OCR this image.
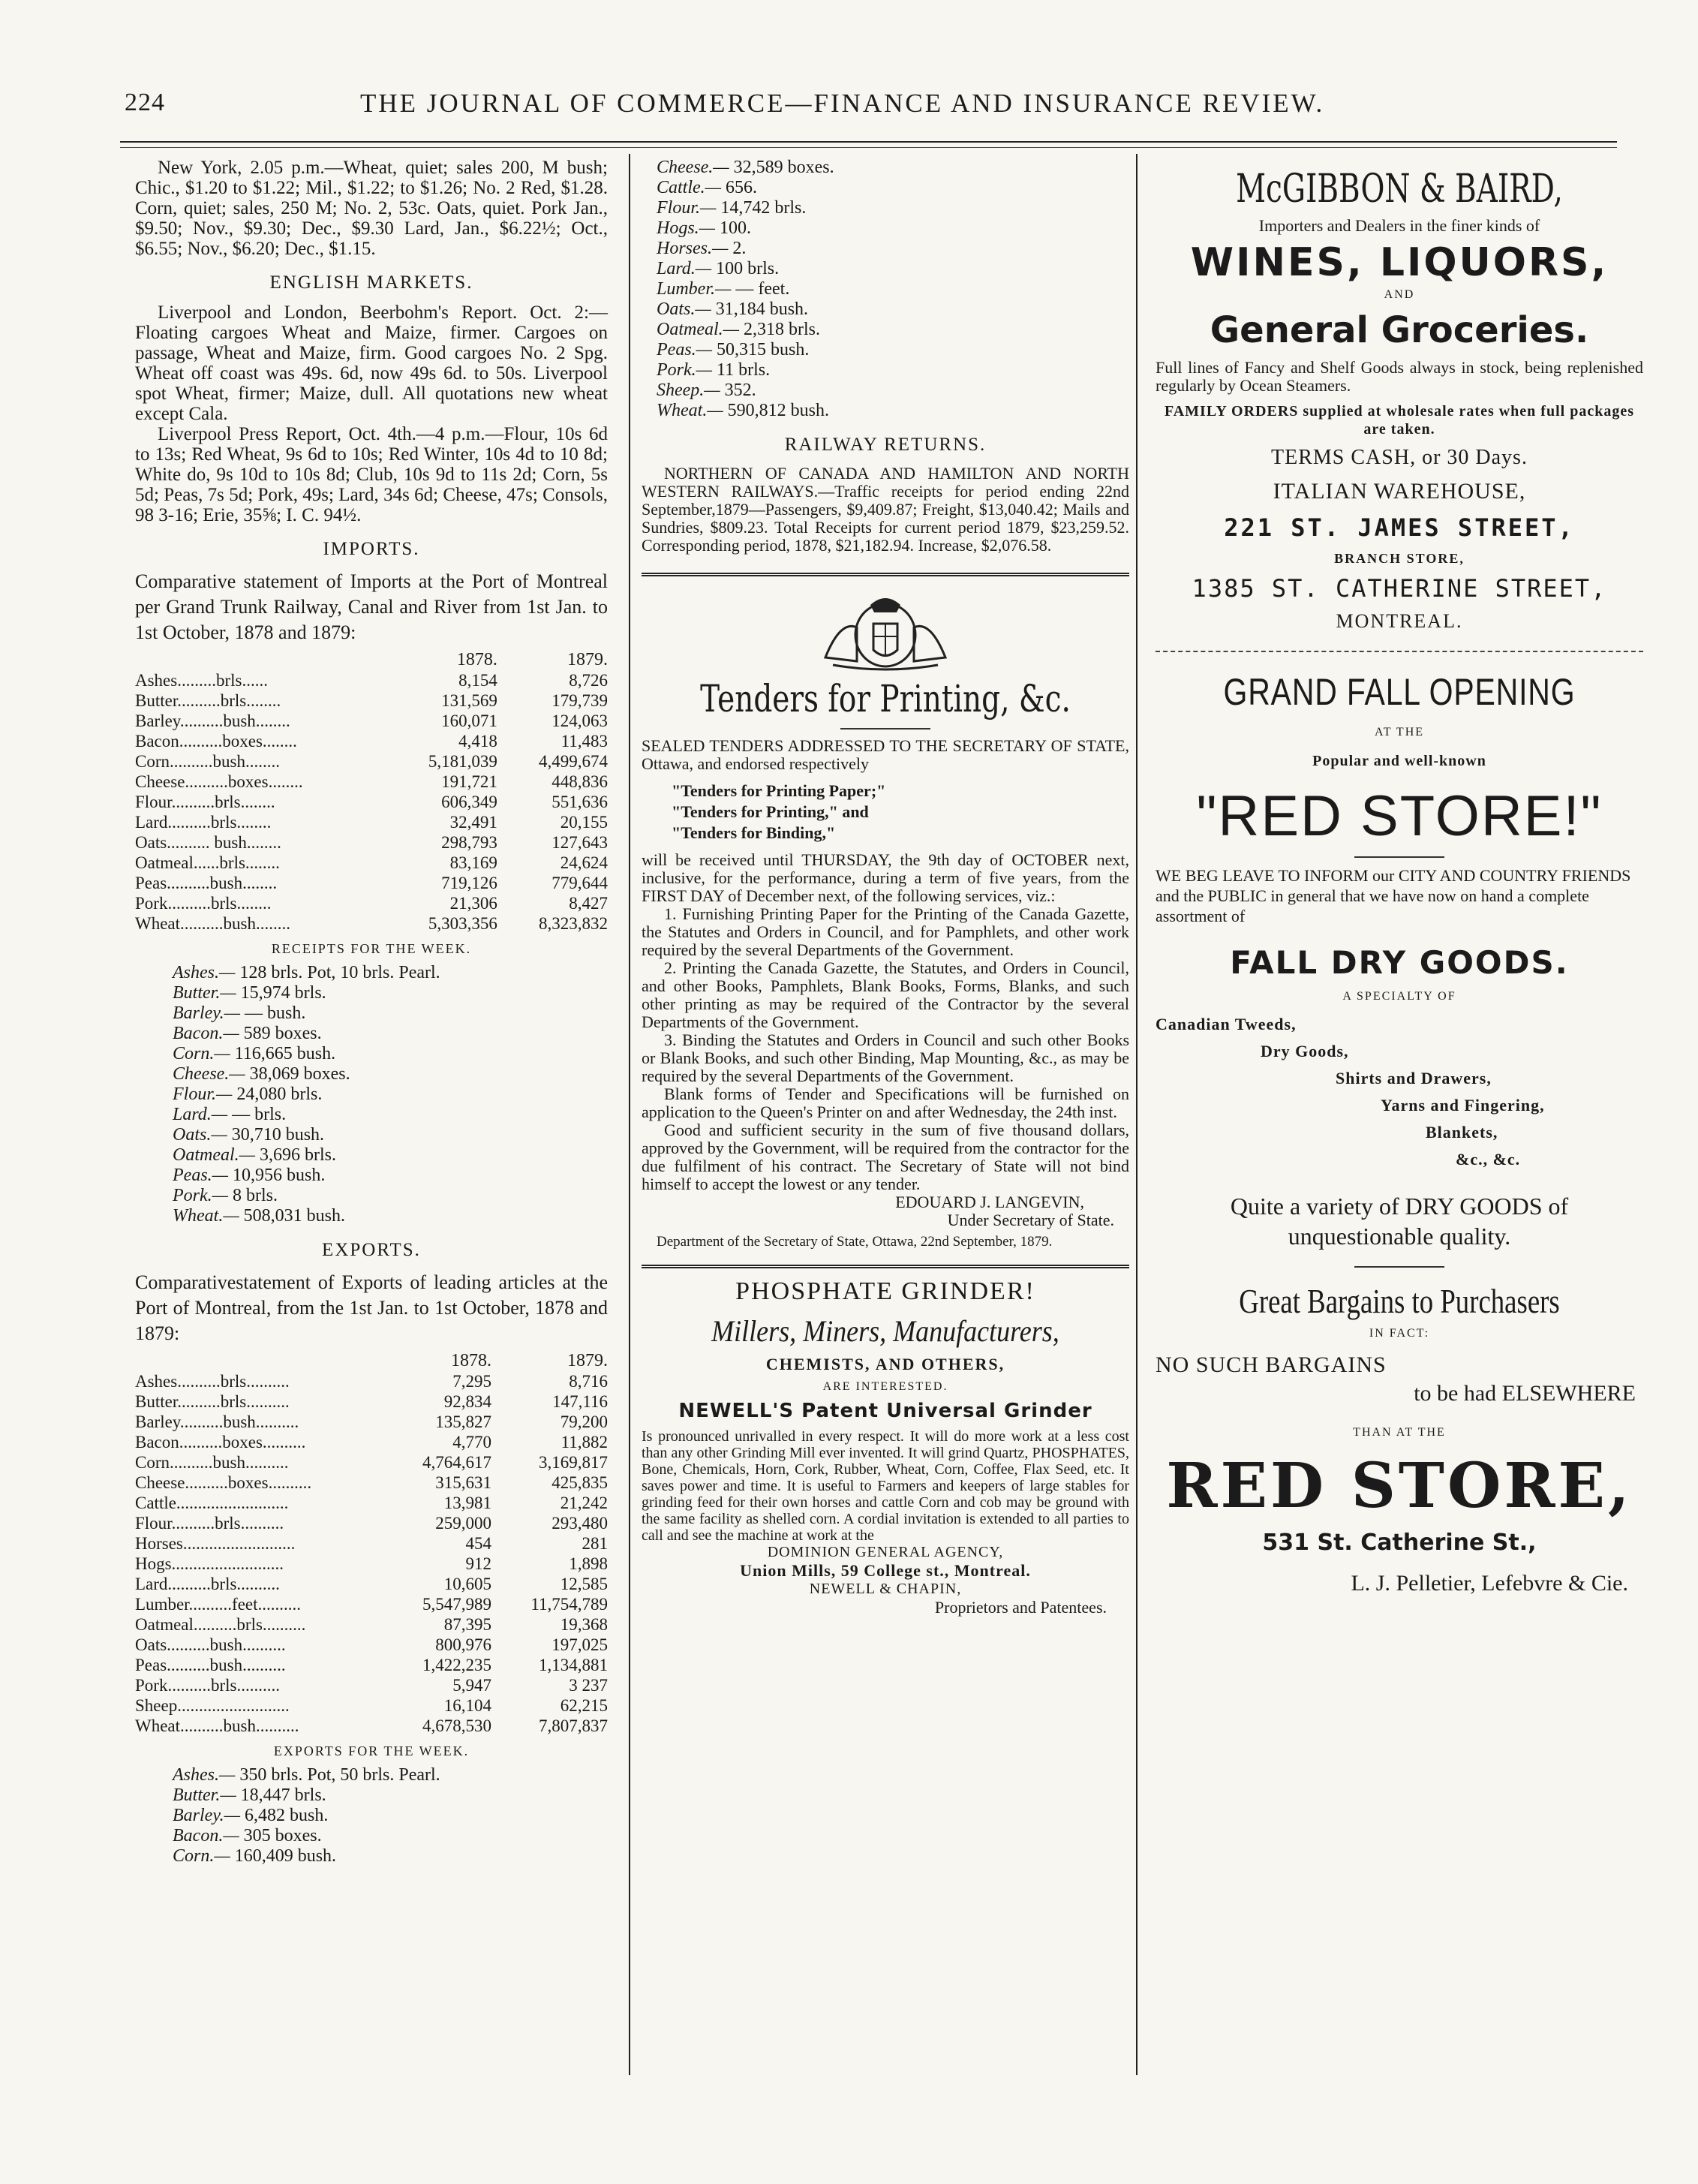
224	THE JOURNAL OF COMMERCE—FINANCE AND INSURANCE REVIEW.

New York, 2.05 p.m.—Wheat, quiet; sales 200, M bush; Chic., $1.20 to $1.22; Mil., $1.22; to $1.26; No. 2 Red, $1.28. Corn, quiet; sales, 250 M; No. 2, 53c. Oats, quiet. Pork Jan., $9.50; Nov., $9.30; Dec., $9.30 Lard, Jan., $6.22½; Oct., $6.55; Nov., $6.20; Dec., $1.15.

ENGLISH MARKETS.

Liverpool and London, Beerbohm's Report. Oct. 2:—Floating cargoes Wheat and Maize, firmer. Cargoes on passage, Wheat and Maize, firm. Good cargoes No. 2 Spg. Wheat off coast was 49s. 6d, now 49s 6d. to 50s. Liverpool spot Wheat, firmer; Maize, dull. All quotations new wheat except Cala.

Liverpool Press Report, Oct. 4th.—4 p.m.—Flour, 10s 6d to 13s; Red Wheat, 9s 6d to 10s; Red Winter, 10s 4d to 10 8d; White do, 9s 10d to 10s 8d; Club, 10s 9d to 11s 2d; Corn, 5s 5d; Peas, 7s 5d; Pork, 49s; Lard, 34s 6d; Cheese, 47s; Consols, 98 3-16; Erie, 35⅝; I. C. 94½.

IMPORTS.

Comparative statement of Imports at the Port of Montreal per Grand Trunk Railway, Canal and River from 1st Jan. to 1st October, 1878 and 1879:

	1878.	1879.
Ashes.........brls......	8,154	8,726
Butter..........brls........	131,569	179,739
Barley..........bush........	160,071	124,063
Bacon..........boxes........	4,418	11,483
Corn..........bush........	5,181,039	4,499,674
Cheese..........boxes........	191,721	448,836
Flour..........brls........	606,349	551,636
Lard..........brls........	32,491	20,155
Oats.......... bush........	298,793	127,643
Oatmeal......brls........	83,169	24,624
Peas..........bush........	719,126	779,644
Pork..........brls........	21,306	8,427
Wheat..........bush........	5,303,356	8,323,832
RECEIPTS FOR THE WEEK.
Ashes.— 128 brls. Pot, 10 brls. Pearl.
Butter.— 15,974 brls.
Barley.— — bush.
Bacon.— 589 boxes.
Corn.— 116,665 bush.
Cheese.— 38,069 boxes.
Flour.— 24,080 brls.
Lard.— — brls.
Oats.— 30,710 bush.
Oatmeal.— 3,696 brls.
Peas.— 10,956 bush.
Pork.— 8 brls.
Wheat.— 508,031 bush.
EXPORTS.

Comparativestatement of Exports of leading articles at the Port of Montreal, from the 1st Jan. to 1st October, 1878 and 1879:

	1878.	1879.
Ashes..........brls..........	7,295	8,716
Butter..........brls..........	92,834	147,116
Barley..........bush..........	135,827	79,200
Bacon..........boxes..........	4,770	11,882
Corn..........bush..........	4,764,617	3,169,817
Cheese..........boxes..........	315,631	425,835
Cattle..........................	13,981	21,242
Flour..........brls..........	259,000	293,480
Horses..........................	454	281
Hogs..........................	912	1,898
Lard..........brls..........	10,605	12,585
Lumber..........feet..........	5,547,989	11,754,789
Oatmeal..........brls..........	87,395	19,368
Oats..........bush..........	800,976	197,025
Peas..........bush..........	1,422,235	1,134,881
Pork..........brls..........	5,947	3 237
Sheep..........................	16,104	62,215
Wheat..........bush..........	4,678,530	7,807,837
EXPORTS FOR THE WEEK.
Ashes.— 350 brls. Pot, 50 brls. Pearl.
Butter.— 18,447 brls.
Barley.— 6,482 bush.
Bacon.— 305 boxes.
Corn.— 160,409 bush.
Cheese.— 32,589 boxes.
Cattle.— 656.
Flour.— 14,742 brls.
Hogs.— 100.
Horses.— 2.
Lard.— 100 brls.
Lumber.— — feet.
Oats.— 31,184 bush.
Oatmeal.— 2,318 brls.
Peas.— 50,315 bush.
Pork.— 11 brls.
Sheep.— 352.
Wheat.— 590,812 bush.
RAILWAY RETURNS.

NORTHERN OF CANADA AND HAMILTON AND NORTH WESTERN RAILWAYS.—Traffic receipts for period ending 22nd September,1879—Passengers, $9,409.87; Freight, $13,040.42; Mails and Sundries, $809.23. Total Receipts for current period 1879, $23,259.52. Corresponding period, 1878, $21,182.94. Increase, $2,076.58.

Tenders for Printing, &c.

SEALED TENDERS ADDRESSED TO THE SECRETARY OF STATE, Ottawa, and endorsed respectively

"Tenders for Printing Paper;"

"Tenders for Printing," and

"Tenders for Binding,"

will be received until THURSDAY, the 9th day of OCTOBER next, inclusive, for the performance, during a term of five years, from the FIRST DAY of December next, of the following services, viz.:

1. Furnishing Printing Paper for the Printing of the Canada Gazette, the Statutes and Orders in Council, and for Pamphlets, and other work required by the several Departments of the Government.

2. Printing the Canada Gazette, the Statutes, and Orders in Council, and other Books, Pamphlets, Blank Books, Forms, Blanks, and such other printing as may be required of the Contractor by the several Departments of the Government.

3. Binding the Statutes and Orders in Council and such other Books or Blank Books, and such other Binding, Map Mounting, &c., as may be required by the several Departments of the Government.

Blank forms of Tender and Specifications will be furnished on application to the Queen's Printer on and after Wednesday, the 24th inst.

Good and sufficient security in the sum of five thousand dollars, approved by the Government, will be required from the contractor for the due fulfilment of his contract. The Secretary of State will not bind himself to accept the lowest or any tender.

EDOUARD J. LANGEVIN,

Under Secretary of State.

Department of the Secretary of State, Ottawa, 22nd September, 1879.

PHOSPHATE GRINDER!
Millers, Miners, Manufacturers,
CHEMISTS, AND OTHERS,
ARE INTERESTED.
NEWELL'S Patent Universal Grinder

Is pronounced unrivalled in every respect. It will do more work at a less cost than any other Grinding Mill ever invented. It will grind Quartz, PHOSPHATES, Bone, Chemicals, Horn, Cork, Rubber, Wheat, Corn, Coffee, Flax Seed, etc. It saves power and time. It is useful to Farmers and keepers of large stables for grinding feed for their own horses and cattle Corn and cob may be ground with the same facility as shelled corn. A cordial invitation is extended to all parties to call and see the machine at work at the

DOMINION GENERAL AGENCY,
Union Mills, 59 College st., Montreal.
NEWELL & CHAPIN,
Proprietors and Patentees.
McGIBBON & BAIRD,
Importers and Dealers in the finer kinds of
WINES, LIQUORS,
AND
General Groceries.

Full lines of Fancy and Shelf Goods always in stock, being replenished regularly by Ocean Steamers.

FAMILY ORDERS supplied at wholesale rates when full packages are taken.

TERMS CASH, or 30 Days.
ITALIAN WAREHOUSE,
221 ST. JAMES STREET,
BRANCH STORE,
1385 ST. CATHERINE STREET,
MONTREAL.
GRAND FALL OPENING
AT THE
Popular and well-known
"RED STORE!"

WE BEG LEAVE TO INFORM our CITY AND COUNTRY FRIENDS and the PUBLIC in general that we have now on hand a complete assortment of

FALL DRY GOODS.
A SPECIALTY OF
Canadian Tweeds,
Dry Goods,
Shirts and Drawers,
Yarns and Fingering,
Blankets,
&c., &c.

Quite a variety of DRY GOODS of unquestionable quality.

Great Bargains to Purchasers
IN FACT:
NO SUCH BARGAINS
to be had ELSEWHERE
THAN AT THE
RED STORE,
531 St. Catherine St.,
L. J. Pelletier, Lefebvre & Cie.
